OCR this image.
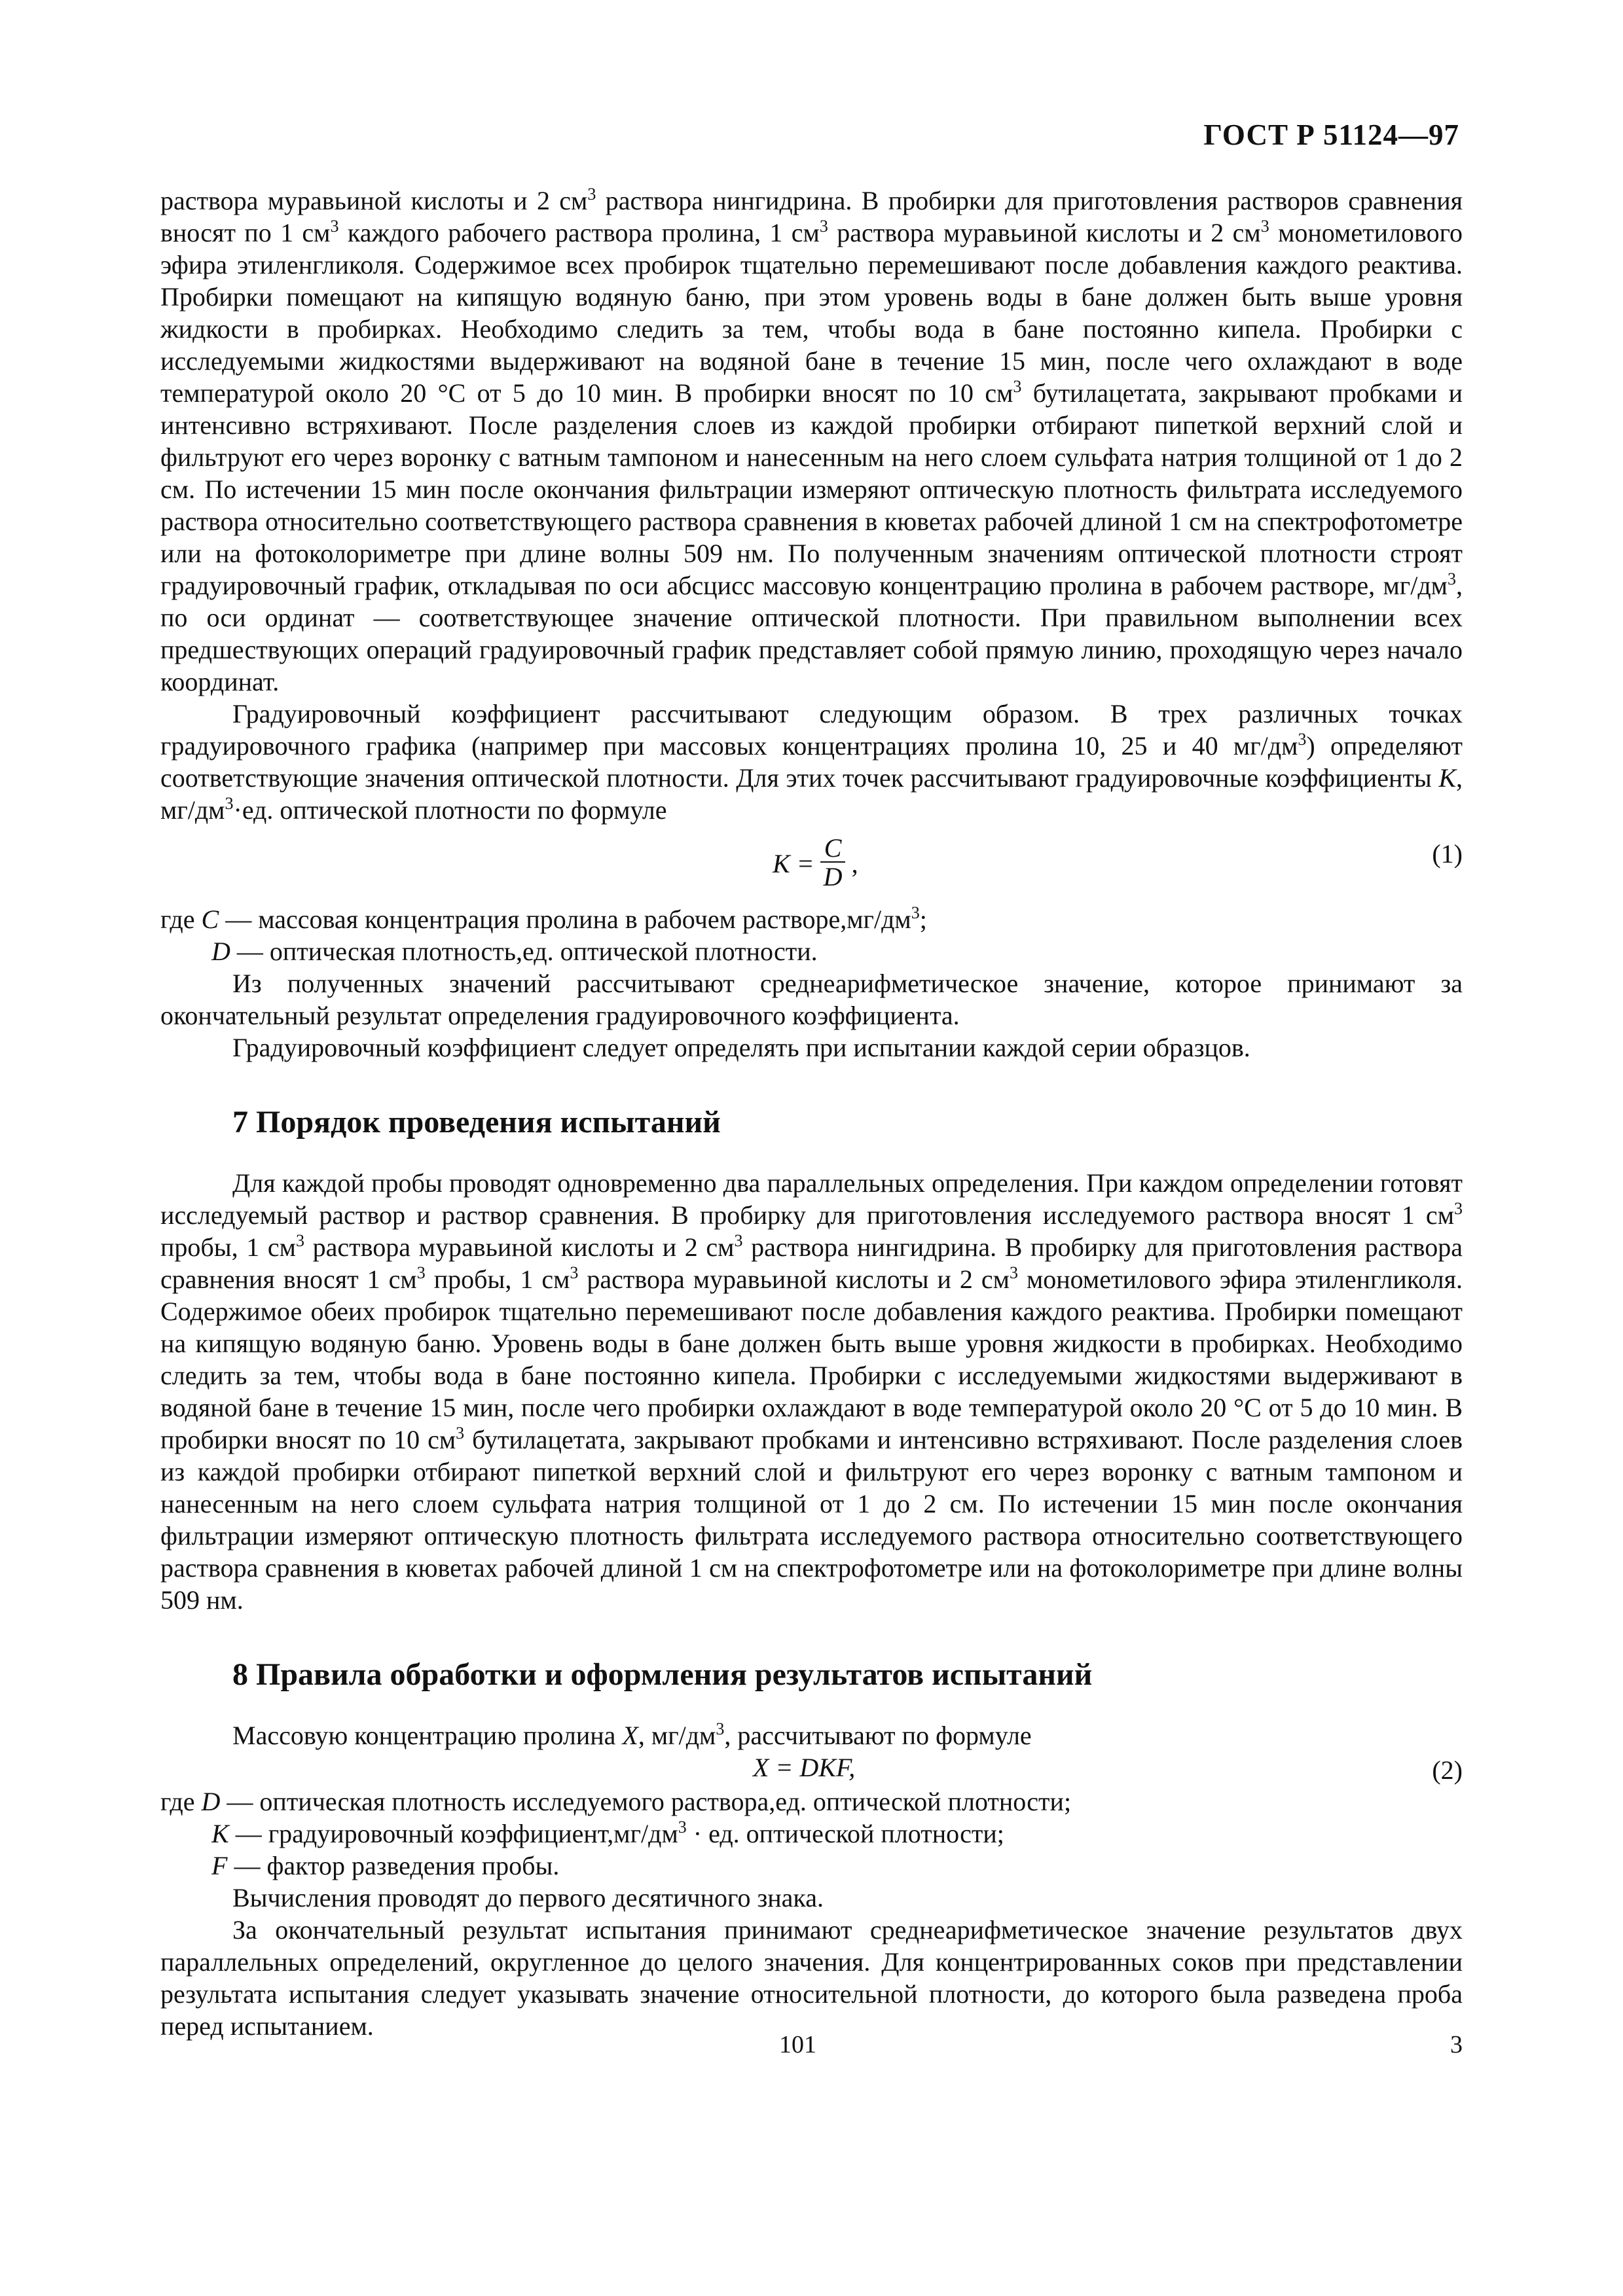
ГОСТ Р 51124—97

раствора муравьиной кислоты и 2 $см^3$ раствора нингидрина. В пробирки для приготовления растворов сравнения вносят по 1 $см^3$ каждого рабочего раствора пролина, 1 $см^3$ раствора муравьиной кислоты и 2 $см^3$ монометилового эфира этиленгликоля. Содержимое всех пробирок тщательно перемешивают после добавления каждого реактива. Пробирки помещают на кипящую водяную баню, при этом уровень воды в бане должен быть выше уровня жидкости в пробирках. Необходимо следить за тем, чтобы вода в бане постоянно кипела. Пробирки с исследуемыми жидкостями выдерживают на водяной бане в течение 15 мин, после чего охлаждают в воде температурой около 20 °С от 5 до 10 мин. В пробирки вносят по 10 $см^3$ бутилацетата, закрывают пробками и интенсивно встряхивают. После разделения слоев из каждой пробирки отбирают пипеткой верхний слой и фильтруют его через воронку с ватным тампоном и нанесенным на него слоем сульфата натрия толщиной от 1 до 2 см. По истечении 15 мин после окончания фильтрации измеряют оптическую плотность фильтрата исследуемого раствора относительно соответствующего раствора сравнения в кюветах рабочей длиной 1 см на спектрофотометре или на фотоколориметре при длине волны 509 нм. По полученным значениям оптической плотности строят градуировочный график, откладывая по оси абсцисс массовую концентрацию пролина в рабочем растворе, $мг/дм^3$, по оси ординат — соответствующее значение оптической плотности. При правильном выполнении всех предшествующих операций градуировочный график представляет собой прямую линию, проходящую через начало координат.

Градуировочный коэффициент рассчитывают следующим образом. В трех различных точках градуировочного графика (например при массовых концентрациях пролина 10, 25 и 40 $мг/дм^3$) определяют соответствующие значения оптической плотности. Для этих точек рассчитывают градуировочные коэффициенты K, $мг/дм^3\cdot ед$. оптической плотности по формуле

$K = \frac{C}{D}$ ,	(1)

где C — массовая концентрация пролина в рабочем $растворе,мг/дм^3$;

D — оптическая плотность,ед. оптической плотности.

Из полученных значений рассчитывают среднеарифметическое значение, которое принимают за окончательный результат определения градуировочного коэффициента.

Градуировочный коэффициент следует определять при испытании каждой серии образцов.

7 Порядок проведения испытаний

Для каждой пробы проводят одновременно два параллельных определения. При каждом определении готовят исследуемый раствор и раствор сравнения. В пробирку для приготовления исследуемого раствора вносят 1 $см^3$ пробы, 1 $см^3$ раствора муравьиной кислоты и 2 $см^3$ раствора нингидрина. В пробирку для приготовления раствора сравнения вносят 1 $см^3$ пробы, 1 $см^3$ раствора муравьиной кислоты и 2 $см^3$ монометилового эфира этиленгликоля. Содержимое обеих пробирок тщательно перемешивают после добавления каждого реактива. Пробирки помещают на кипящую водяную баню. Уровень воды в бане должен быть выше уровня жидкости в пробирках. Необходимо следить за тем, чтобы вода в бане постоянно кипела. Пробирки с исследуемыми жидкостями выдерживают в водяной бане в течение 15 мин, после чего пробирки охлаждают в воде температурой около 20 °С от 5 до 10 мин. В пробирки вносят по 10 $см^3$ бутилацетата, закрывают пробками и интенсивно встряхивают. После разделения слоев из каждой пробирки отбирают пипеткой верхний слой и фильтруют его через воронку с ватным тампоном и нанесенным на него слоем сульфата натрия толщиной от 1 до 2 см. По истечении 15 мин после окончания фильтрации измеряют оптическую плотность фильтрата исследуемого раствора относительно соответствующего раствора сравнения в кюветах рабочей длиной 1 см на спектрофотометре или на фотоколориметре при длине волны 509 нм.

8 Правила обработки и оформления результатов испытаний

Массовую концентрацию пролина X, $мг/дм^3$, рассчитывают по формуле

X = DKF,	(2)

где D — оптическая плотность исследуемого раствора,ед. оптической плотности;

K — градуировочный $коэффициент,мг/дм^3$ · ед. оптической плотности;

F — фактор разведения пробы.

Вычисления проводят до первого десятичного знака.

За окончательный результат испытания принимают среднеарифметическое значение результатов двух параллельных определений, округленное до целого значения. Для концентрированных соков при представлении результата испытания следует указывать значение относительной плотности, до которого была разведена проба перед испытанием.

101	3
